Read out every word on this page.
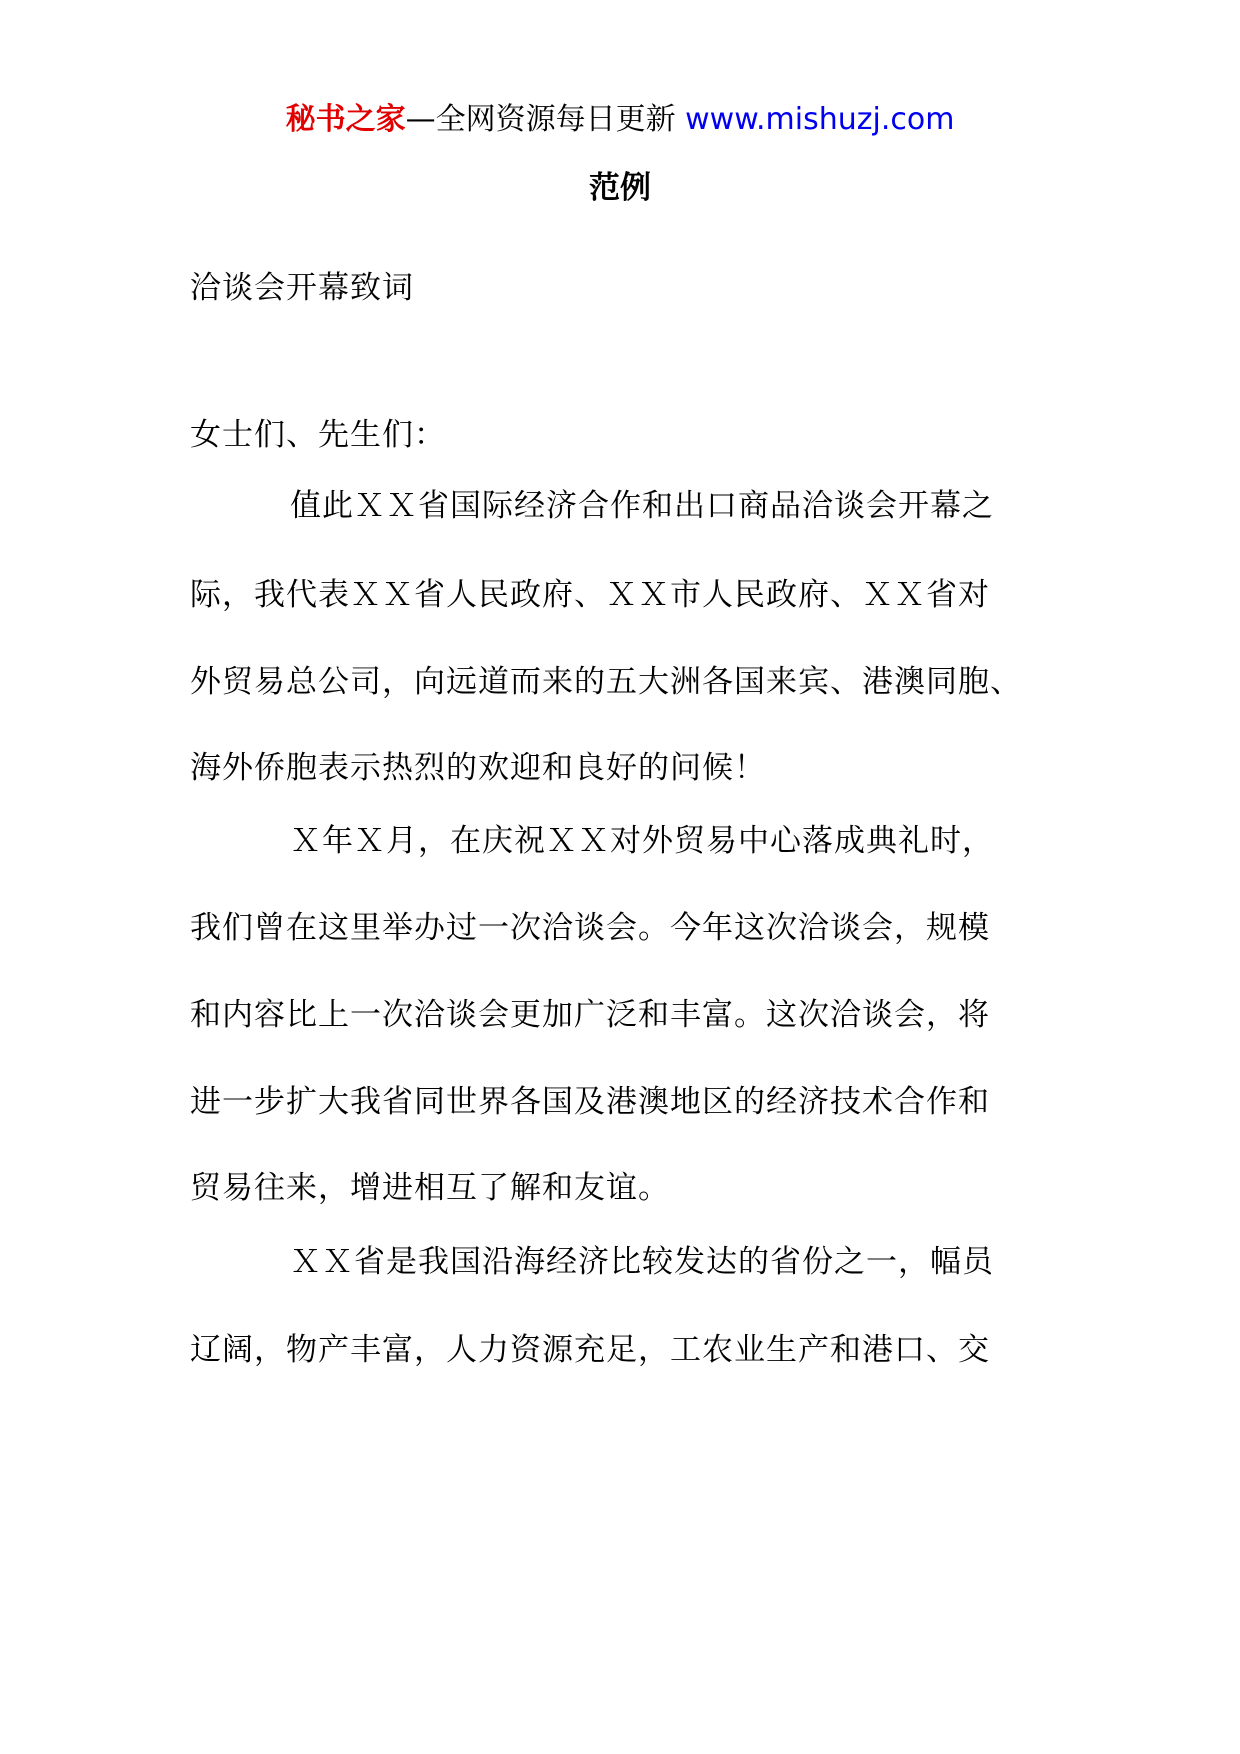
秘书之家—全网资源每日更新 www.mishuzj.com
范例
洽谈会开幕致词
女士们、先生们：
值此ＸＸ省国际经济合作和出口商品洽谈会开幕之
际，我代表ＸＸ省人民政府、ＸＸ市人民政府、ＸＸ省对
外贸易总公司，向远道而来的五大洲各国来宾、港澳同胞、
海外侨胞表示热烈的欢迎和良好的问候！
Ｘ年Ｘ月，在庆祝ＸＸ对外贸易中心落成典礼时，
我们曾在这里举办过一次洽谈会。今年这次洽谈会，规模
和内容比上一次洽谈会更加广泛和丰富。这次洽谈会，将
进一步扩大我省同世界各国及港澳地区的经济技术合作和
贸易往来，增进相互了解和友谊。
ＸＸ省是我国沿海经济比较发达的省份之一，幅员
辽阔，物产丰富，人力资源充足，工农业生产和港口、交
